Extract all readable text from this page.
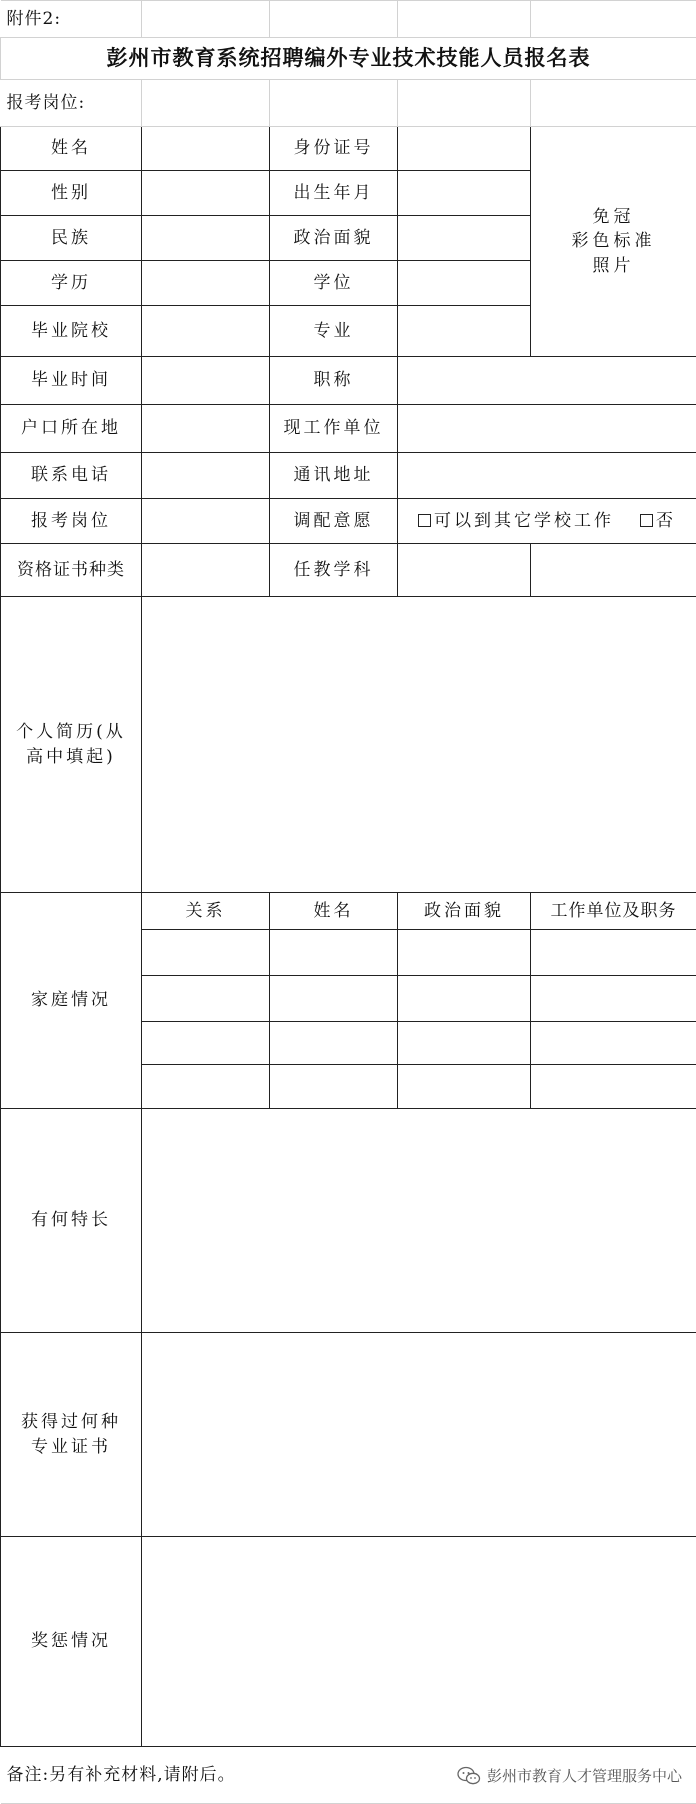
附件2:				
彭州市教育系统招聘编外专业技术技能人员报名表				
报考岗位:				
姓名		身份证号		免冠
彩色标准
照片

性别		出生年月		
民族		政治面貌		
学历		学位		
毕业院校		专业		
毕业时间		职称		
户口所在地		现工作单位		
联系电话		通讯地址		
报考岗位		调配意愿	可以到其它学校工作 否	
资格证书种类		任教学科		
个人简历(从高中填起)				
家庭情况	关系	姓名	政治面貌	工作单位及职务

有何特长				
获得过何种专业证书				
奖惩情况				
备注:另有补充材料,请附后。					彭州市教育人才管理服务中心
